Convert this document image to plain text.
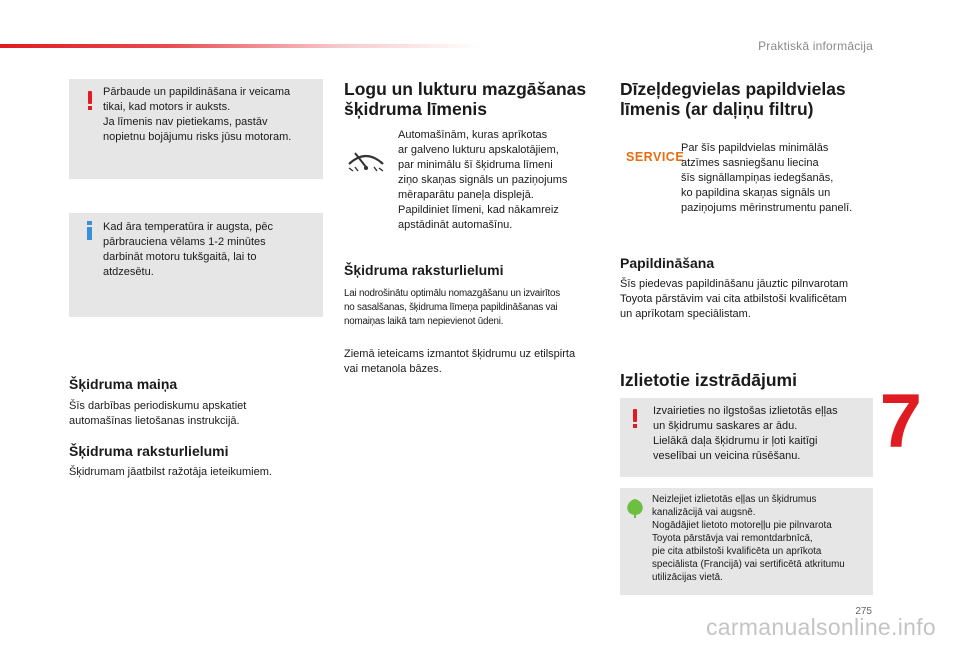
Praktiskā informācija
Pārbaude un papildināšana ir veicama
tikai, kad motors ir auksts.
Ja līmenis nav pietiekams, pastāv
nopietnu bojājumu risks jūsu motoram.
Kad āra temperatūra ir augsta, pēc
pārbrauciena vēlams 1-2 minūtes
darbināt motoru tukšgaitā, lai to
atdzesētu.
Šķidruma maiņa
Šīs darbības periodiskumu apskatiet
automašīnas lietošanas instrukcijā.
Šķidruma raksturlielumi
Šķidrumam jāatbilst ražotāja ieteikumiem.
Logu un lukturu mazgāšanas
šķidruma līmenis
Automašīnām, kuras aprīkotas
ar galveno lukturu apskalotājiem,
par minimālu šī šķidruma līmeni
ziņo skaņas signāls un paziņojums
mēraparātu paneļa displejā.
Papildiniet līmeni, kad nākamreiz
apstādināt automašīnu.
Šķidruma raksturlielumi
Lai nodrošinātu optimālu nomazgāšanu un izvairītos
no sasalšanas, šķidruma līmeņa papildināšanas vai
nomaiņas laikā tam nepievienot ūdeni.
Ziemā ieteicams izmantot šķidrumu uz etilspirta
vai metanola bāzes.
Dīzeļdegvielas papildvielas
līmenis (ar daļiņu filtru)
SERVICE
Par šīs papildvielas minimālās
atzīmes sasniegšanu liecina
šīs signāllampiņas iedegšanās,
ko papildina skaņas signāls un
paziņojums mērinstrumentu panelī.
Papildināšana
Šīs piedevas papildināšanu jāuztic pilnvarotam
Toyota pārstāvim vai cita atbilstoši kvalificētam
un aprīkotam speciālistam.
Izlietotie izstrādājumi
Izvairieties no ilgstošas izlietotās eļļas
un šķidrumu saskares ar ādu.
Lielākā daļa šķidrumu ir ļoti kaitīgi
veselībai un veicina rūsēšanu.
Neizlejiet izlietotās eļļas un šķidrumus
kanalizācijā vai augsnē.
Nogādājiet lietoto motoreļļu pie pilnvarota
Toyota pārstāvja vai remontdarbnīcā,
pie cita atbilstoši kvalificēta un aprīkota
speciālista (Francijā) vai sertificētā atkritumu
utilizācijas vietā.
7
275
carmanualsonline.info
